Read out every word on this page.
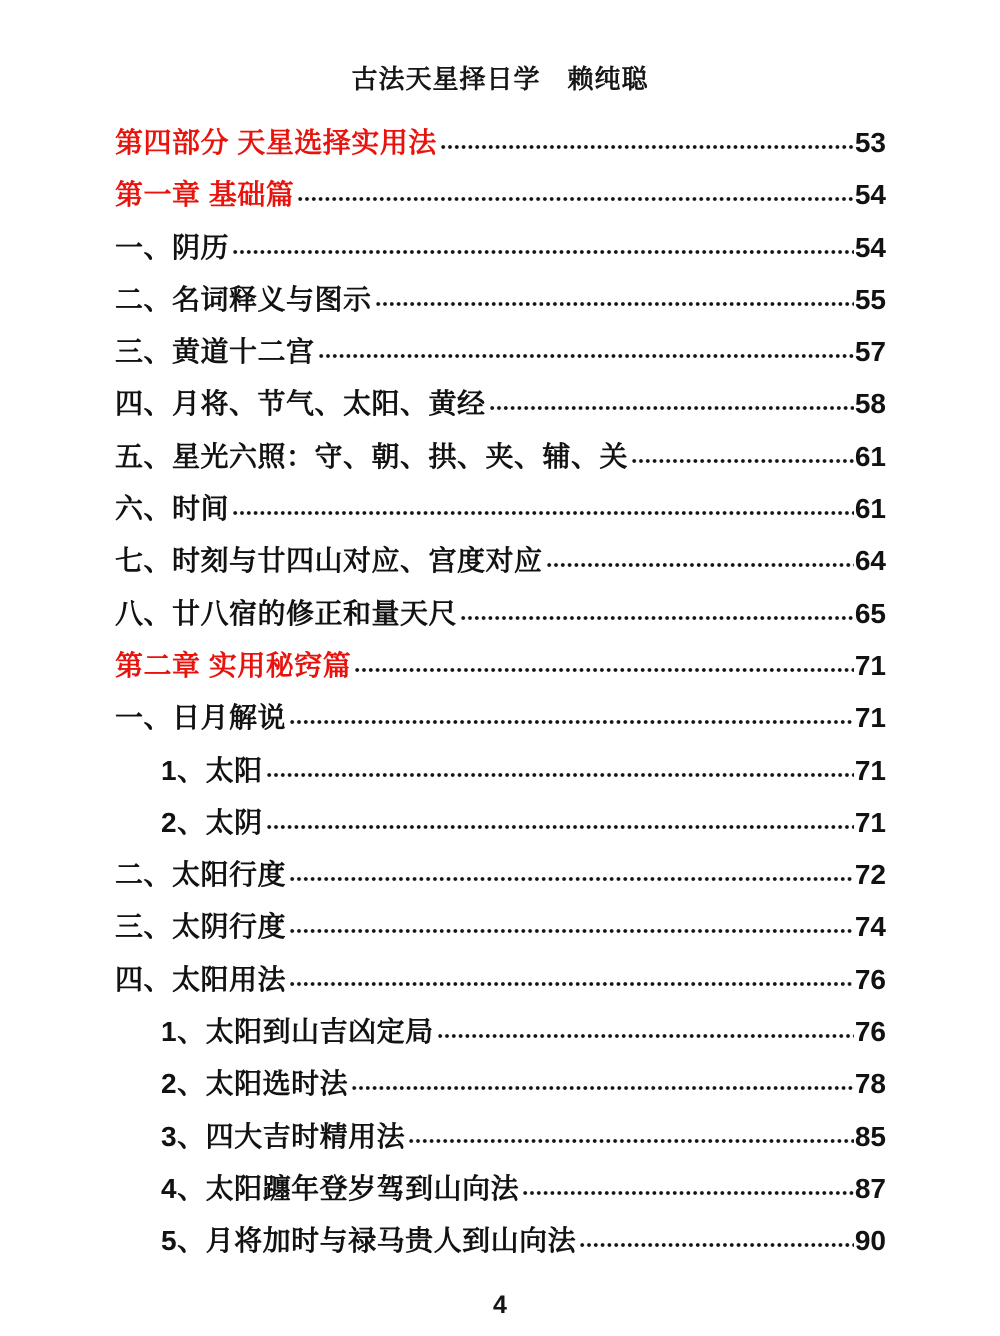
古法天星择日学　赖纯聪
第四部分 天星选择实用法	53
第一章 基础篇	54
一、阴历	54
二、名词释义与图示	55
三、黄道十二宫	57
四、月将、节气、太阳、黄经	58
五、星光六照：守、朝、拱、夹、辅、关	61
六、时间	61
七、时刻与廿四山对应、宫度对应	64
八、廿八宿的修正和量天尺	65
第二章 实用秘窍篇	71
一、日月解说	71
1、太阳	71
2、太阴	71
二、太阳行度	72
三、太阴行度	74
四、太阳用法	76
1、太阳到山吉凶定局	76
2、太阳选时法	78
3、四大吉时精用法	85
4、太阳躔年登岁驾到山向法	87
5、月将加时与禄马贵人到山向法	90
4
